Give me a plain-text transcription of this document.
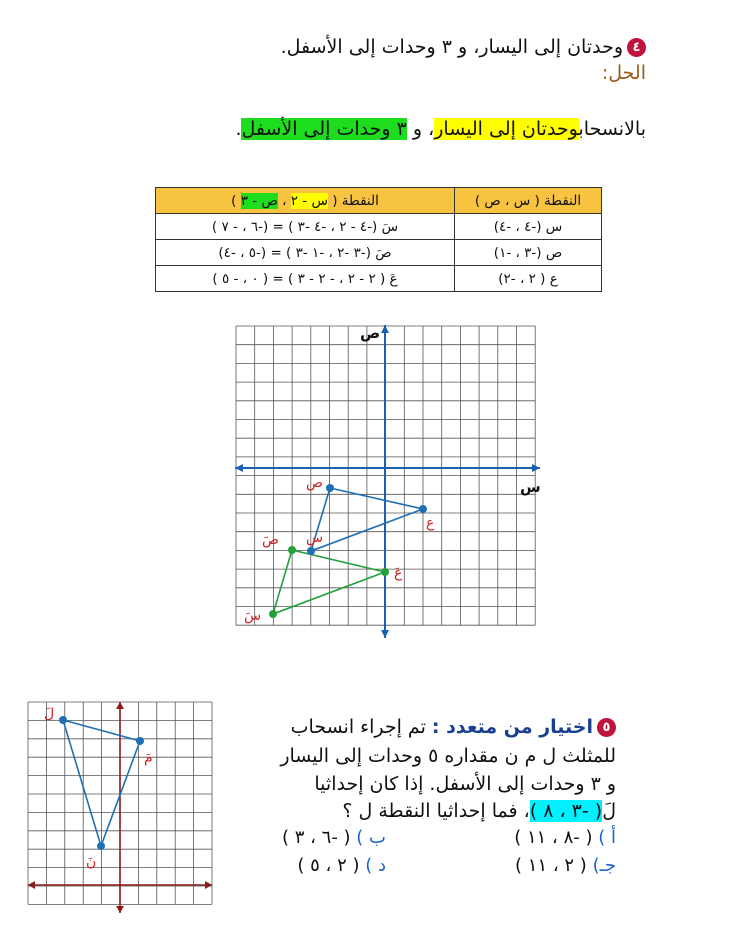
٤وحدتان إلى اليسار، و ٣ وحدات إلى الأسفل.
الحل:
بالانسحابوحدتان إلى اليسار، و ٣ وحدات إلى الأسفل.
النقطة ( س ، ص )	النقطة ( س - ٢ ، ص - ٣ )
س (-٤ ، -٤)	سَ (-٤ - ٢ ، -٤ -٣ ) = (-٦ ، - ٧ )
ص (-٣ ، -١)	صَ (-٣ -٢ ، -١ -٣ ) = (-٥ ، -٤)
ع ( ٢ ، -٢)	عَ ( ٢ - ٢ ، - ٢ - ٣ ) = ( ٠ ، - ٥ )
س
ص
ص
ع
س
صَ
عَ
سَ
لَ
مَ
نَ
٥اختيار من متعدد : تم إجراء انسحاب
للمثلث ل م ن مقداره ٥ وحدات إلى اليسار
و ٣ وحدات إلى الأسفل. إذا كان إحداثيا
لَ( -٣ ، ٨ )، فما إحداثيا النقطة ل ؟
أ ) ( -٨ ، ١١ )
ب ) ( -٦ ، ٣ )
جـ) ( ٢ ، ١١ )
د ) ( ٢ ، ٥ )
